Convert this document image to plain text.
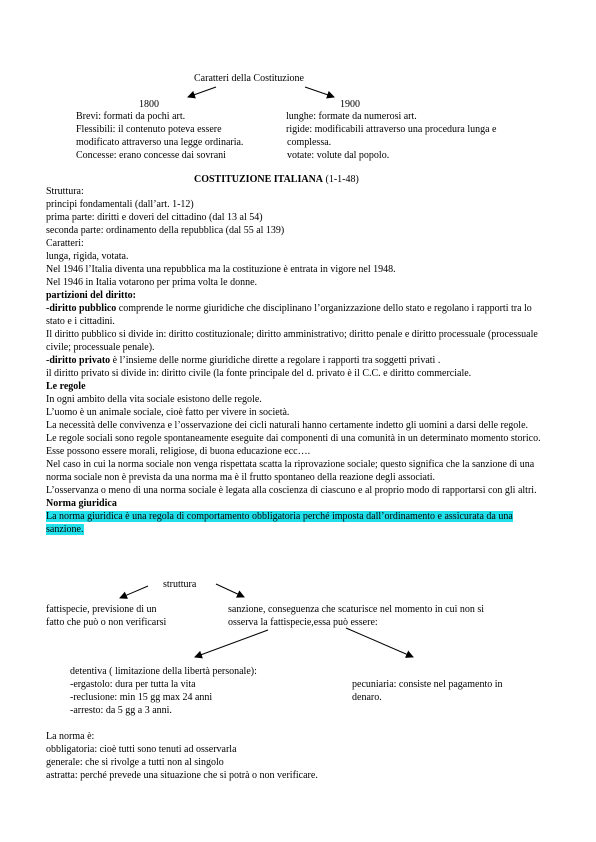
Caratteri della Costituzione
1800	1900
Brevi: formati da pochi art.
Flessibili: il contenuto poteva essere
modificato attraverso una legge ordinaria.
Concesse: erano concesse dai sovrani
lunghe: formate da numerosi art.
rigide: modificabili attraverso una procedura lunga e
complessa.
votate: volute dal popolo.
COSTITUZIONE ITALIANA (1-1-48)
Struttura:
principi fondamentali (dall’art. 1-12)
prima parte: diritti e doveri del cittadino (dal 13 al 54)
seconda parte: ordinamento della repubblica (dal 55 al 139)
Caratteri:
lunga, rigida, votata.
Nel 1946 l’Italia diventa una repubblica ma la costituzione è entrata in vigore nel 1948.
Nel 1946 in Italia votarono per prima volta le donne.
partizioni del diritto:
-diritto pubblico comprende le norme giuridiche che disciplinano l’organizzazione dello stato e regolano i rapporti tra lo stato e i cittadini.
Il diritto pubblico si divide in: diritto costituzionale; diritto amministrativo; diritto penale e diritto processuale (processuale civile; processuale penale).
-diritto privato è l’insieme delle norme giuridiche dirette a regolare i rapporti tra soggetti privati .
il diritto privato si divide in: diritto civile (la fonte principale del d. privato è il C.C. e diritto commerciale.
Le regole
In ogni ambito della vita sociale esistono delle regole.
L’uomo è un animale sociale, cioè fatto per vivere in società.
La necessità delle convivenza e l’osservazione dei cicli naturali hanno certamente indetto gli uomini a darsi delle regole.
Le regole sociali sono regole spontaneamente eseguite dai componenti di una comunità in un determinato momento storico.
Esse possono essere morali, religiose, di buona educazione ecc….
Nel caso in cui la norma sociale non venga rispettata scatta la riprovazione sociale; questo significa che la sanzione di una norma sociale non è prevista da una norma ma è il frutto spontaneo della reazione degli associati.
L’osservanza o meno di una norma sociale è legata alla coscienza di ciascuno e al proprio modo di rapportarsi con gli altri.
Norma giuridica
La norma giuridica è una regola di comportamento obbligatoria perché imposta dall’ordinamento e assicurata da una sanzione.
struttura
fattispecie, previsione di un
fatto che può o non verificarsi
sanzione, conseguenza che scaturisce nel momento in cui non si
osserva la fattispecie,essa può essere:
detentiva ( limitazione della libertà personale):
-ergastolo: dura per tutta la vita
-reclusione: min 15 gg max 24 anni
-arresto: da 5 gg a 3 anni.
pecuniaria: consiste nel pagamento in
denaro.
La norma è:
obbligatoria: cioè tutti sono tenuti ad osservarla
generale: che si rivolge a tutti non al singolo
astratta: perché prevede una situazione che si potrà o non verificare.
